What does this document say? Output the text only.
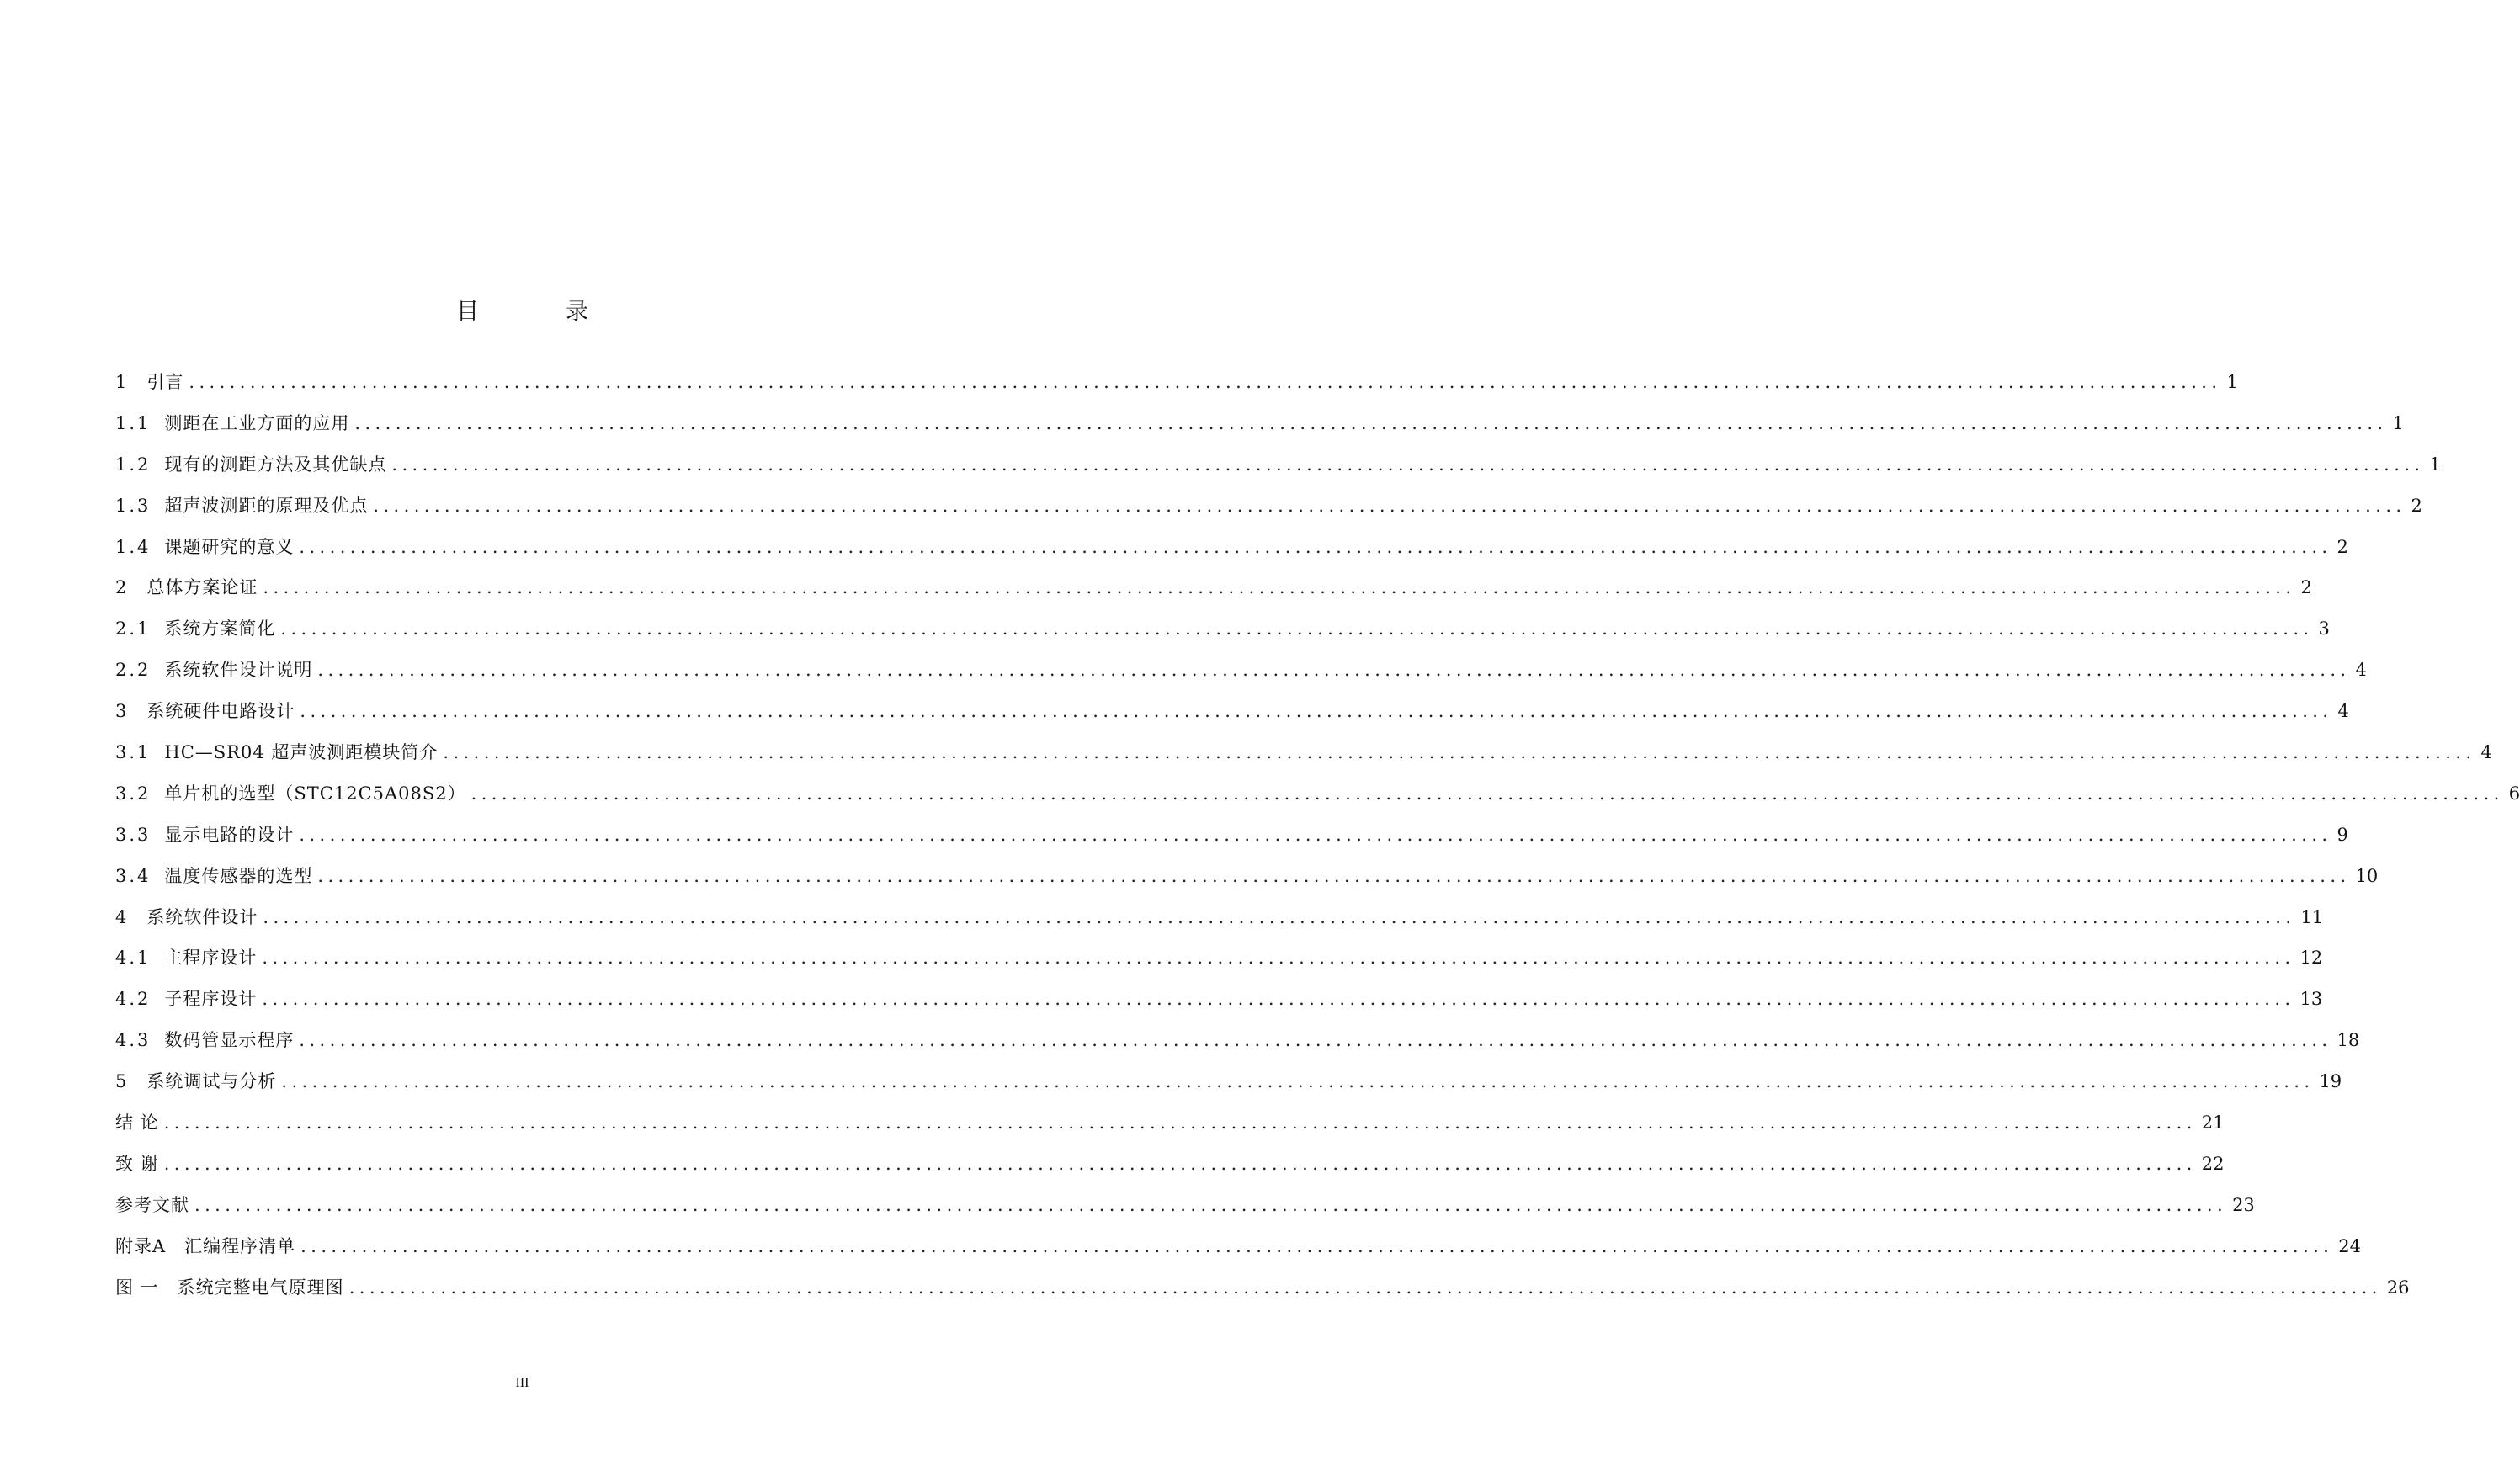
目　录
1 引言 ........................................................................................................................................................................................................ 1
1.1 测距在工业方面的应用 ........................................................................................................................................................................................................ 1
1.2 现有的测距方法及其优缺点 ........................................................................................................................................................................................................ 1
1.3 超声波测距的原理及优点 ........................................................................................................................................................................................................ 2
1.4 课题研究的意义 ........................................................................................................................................................................................................ 2
2 总体方案论证 ........................................................................................................................................................................................................ 2
2.1 系统方案简化 ........................................................................................................................................................................................................ 3
2.2 系统软件设计说明 ........................................................................................................................................................................................................ 4
3 系统硬件电路设计 ........................................................................................................................................................................................................ 4
3.1 HC—SR04 超声波测距模块简介 ........................................................................................................................................................................................................ 4
3.2 单片机的选型（STC12C5A08S2） ........................................................................................................................................................................................................ 6
3.3 显示电路的设计 ........................................................................................................................................................................................................ 9
3.4 温度传感器的选型 ........................................................................................................................................................................................................ 10
4 系统软件设计 ........................................................................................................................................................................................................ 11
4.1 主程序设计 ........................................................................................................................................................................................................ 12
4.2 子程序设计 ........................................................................................................................................................................................................ 13
4.3 数码管显示程序 ........................................................................................................................................................................................................ 18
5 系统调试与分析 ........................................................................................................................................................................................................ 19
结 论 ........................................................................................................................................................................................................ 21
致 谢 ........................................................................................................................................................................................................ 22
参考文献 ........................................................................................................................................................................................................ 23
附录A　汇编程序清单 ........................................................................................................................................................................................................ 24
图 一　系统完整电气原理图 ........................................................................................................................................................................................................ 26
III
